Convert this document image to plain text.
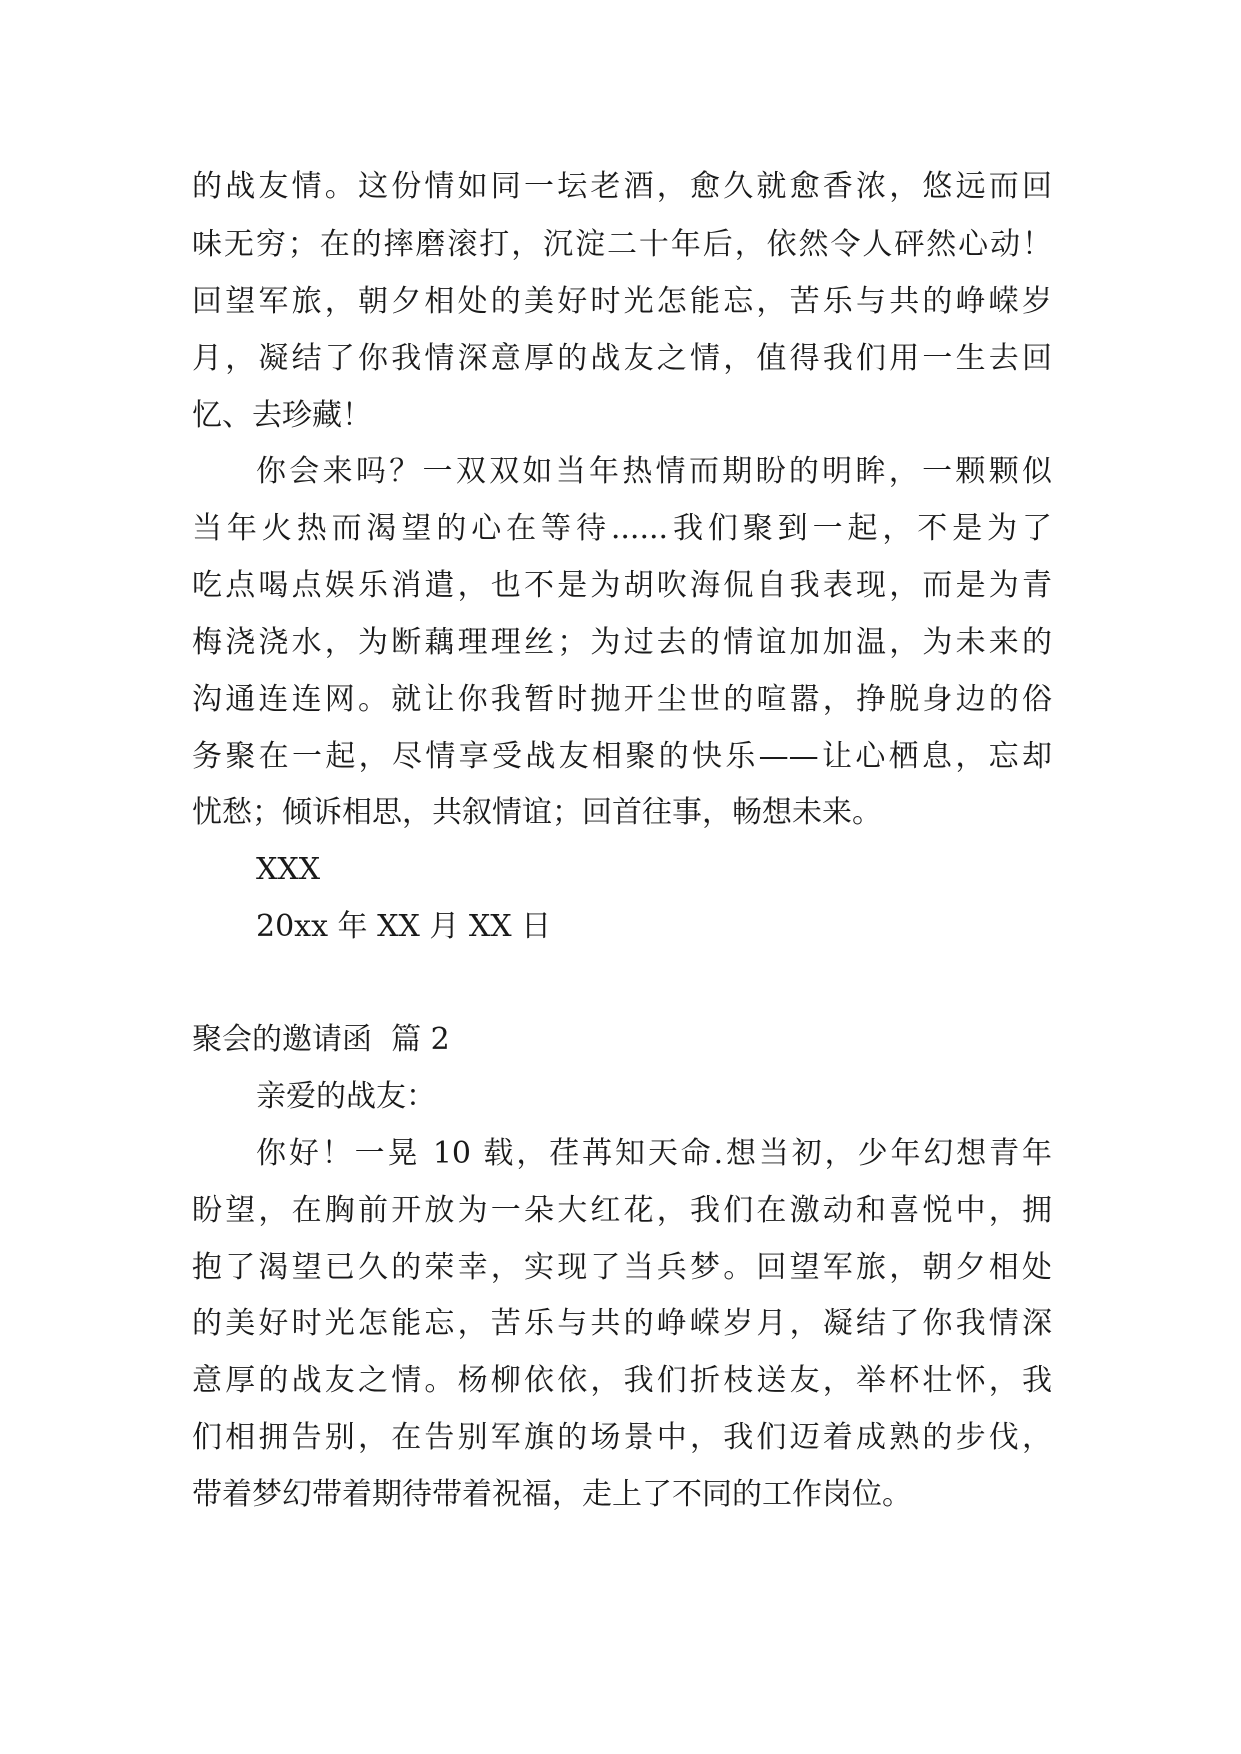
的战友情。这份情如同一坛老酒，愈久就愈香浓，悠远而回
味无穷；在的摔磨滚打，沉淀二十年后，依然令人砰然心动！
回望军旅，朝夕相处的美好时光怎能忘，苦乐与共的峥嵘岁
月，凝结了你我情深意厚的战友之情，值得我们用一生去回
忆、去珍藏！
你会来吗？一双双如当年热情而期盼的明眸，一颗颗似
当年火热而渴望的心在等待......我们聚到一起，不是为了
吃点喝点娱乐消遣，也不是为胡吹海侃自我表现，而是为青
梅浇浇水，为断藕理理丝；为过去的情谊加加温，为未来的
沟通连连网。就让你我暂时抛开尘世的喧嚣，挣脱身边的俗
务聚在一起，尽情享受战友相聚的快乐——让心栖息，忘却
忧愁；倾诉相思，共叙情谊；回首往事，畅想未来。
XXX
20xx 年 XX 月 XX 日
聚会的邀请函  篇 2
亲爱的战友：
你好！一晃 10 载，荏苒知天命.想当初，少年幻想青年
盼望，在胸前开放为一朵大红花，我们在激动和喜悦中，拥
抱了渴望已久的荣幸，实现了当兵梦。回望军旅，朝夕相处
的美好时光怎能忘，苦乐与共的峥嵘岁月，凝结了你我情深
意厚的战友之情。杨柳依依，我们折枝送友，举杯壮怀，我
们相拥告别，在告别军旗的场景中，我们迈着成熟的步伐，
带着梦幻带着期待带着祝福，走上了不同的工作岗位。
